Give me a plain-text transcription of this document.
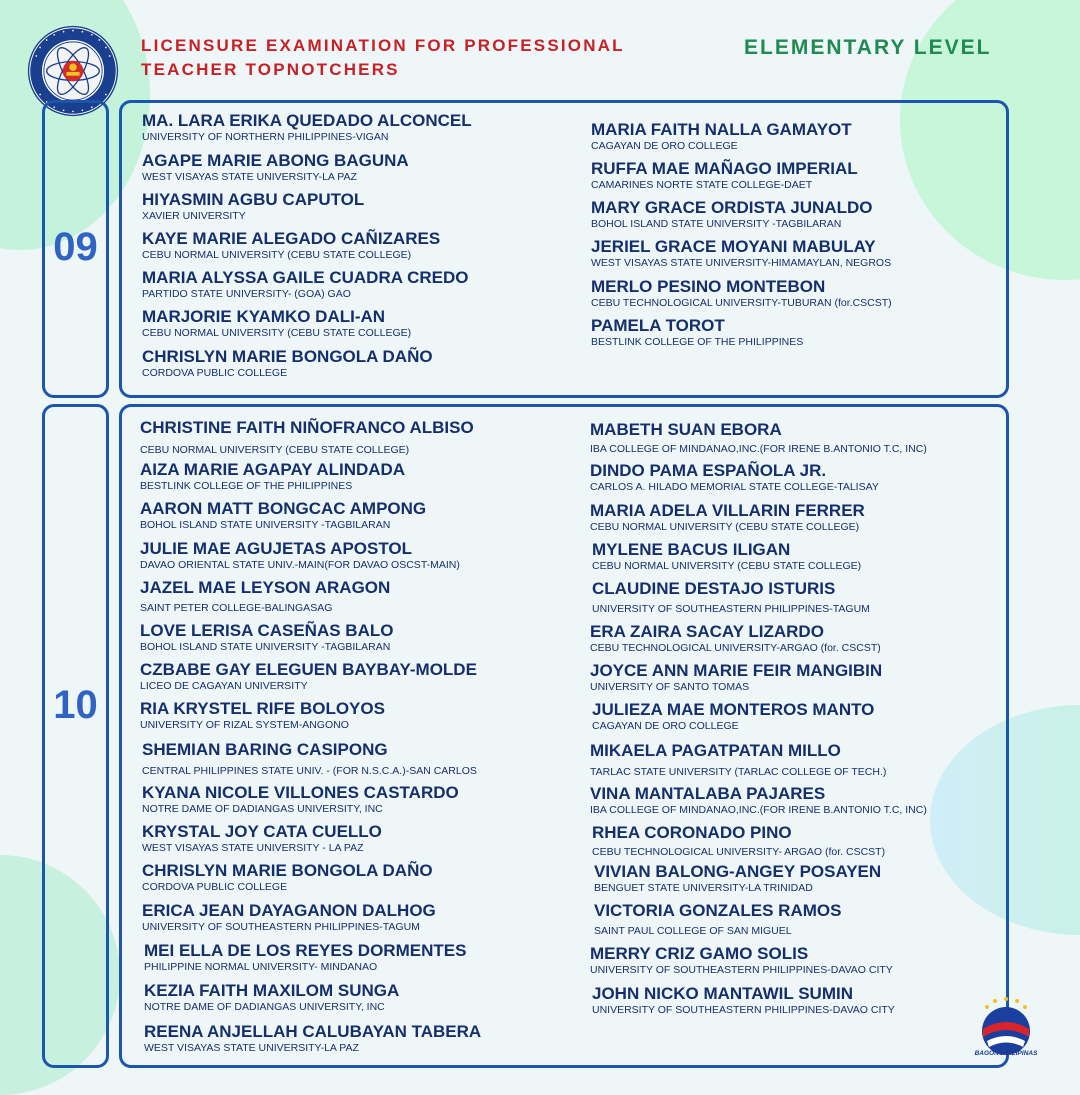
LICENSURE EXAMINATION FOR PROFESSIONAL TEACHER TOPNOTCHERS
ELEMENTARY LEVEL
09
MA. LARA ERIKA QUEDADO ALCONCEL
UNIVERSITY OF NORTHERN PHILIPPINES-VIGAN
AGAPE MARIE ABONG BAGUNA
WEST VISAYAS STATE UNIVERSITY-LA PAZ
HIYASMIN AGBU CAPUTOL
XAVIER UNIVERSITY
KAYE MARIE ALEGADO CAÑIZARES
CEBU NORMAL UNIVERSITY (CEBU STATE COLLEGE)
MARIA ALYSSA GAILE CUADRA CREDO
PARTIDO STATE UNIVERSITY- (GOA) GAO
MARJORIE KYAMKO DALI-AN
CEBU NORMAL UNIVERSITY (CEBU STATE COLLEGE)
CHRISLYN MARIE BONGOLA DAÑO
CORDOVA PUBLIC COLLEGE
MARIA FAITH NALLA GAMAYOT
CAGAYAN DE ORO COLLEGE
RUFFA MAE MAÑAGO IMPERIAL
CAMARINES NORTE STATE COLLEGE-DAET
MARY GRACE ORDISTA JUNALDO
BOHOL ISLAND STATE UNIVERSITY -TAGBILARAN
JERIEL GRACE MOYANI MABULAY
WEST VISAYAS STATE UNIVERSITY-HIMAMAYLAN, NEGROS
MERLO PESINO MONTEBON
CEBU TECHNOLOGICAL UNIVERSITY-TUBURAN (for.CSCST)
PAMELA TOROT
BESTLINK COLLEGE OF THE PHILIPPINES
10
CHRISTINE FAITH NIÑOFRANCO ALBISO
CEBU NORMAL UNIVERSITY (CEBU STATE COLLEGE)
AIZA MARIE AGAPAY ALINDADA
BESTLINK COLLEGE OF THE PHILIPPINES
AARON MATT BONGCAC AMPONG
BOHOL ISLAND STATE UNIVERSITY -TAGBILARAN
JULIE MAE AGUJETAS APOSTOL
DAVAO ORIENTAL STATE UNIV.-MAIN(FOR DAVAO OSCST-MAIN)
JAZEL MAE LEYSON ARAGON
SAINT PETER COLLEGE-BALINGASAG
LOVE LERISA CASEÑAS BALO
BOHOL ISLAND STATE UNIVERSITY -TAGBILARAN
CZBABE GAY ELEGUEN BAYBAY-MOLDE
LICEO DE CAGAYAN UNIVERSITY
RIA KRYSTEL RIFE BOLOYOS
UNIVERSITY OF RIZAL SYSTEM-ANGONO
SHEMIAN BARING CASIPONG
CENTRAL PHILIPPINES STATE UNIV. - (FOR N.S.C.A.)-SAN CARLOS
KYANA NICOLE VILLONES CASTARDO
NOTRE DAME OF DADIANGAS UNIVERSITY, INC
KRYSTAL JOY CATA CUELLO
WEST VISAYAS STATE UNIVERSITY - LA PAZ
CHRISLYN MARIE BONGOLA DAÑO
CORDOVA PUBLIC COLLEGE
ERICA JEAN DAYAGANON DALHOG
UNIVERSITY OF SOUTHEASTERN PHILIPPINES-TAGUM
MEI ELLA DE LOS REYES DORMENTES
PHILIPPINE NORMAL UNIVERSITY- MINDANAO
KEZIA FAITH MAXILOM SUNGA
NOTRE DAME OF DADIANGAS UNIVERSITY, INC
REENA ANJELLAH CALUBAYAN TABERA
WEST VISAYAS STATE UNIVERSITY-LA PAZ
MABETH SUAN EBORA
IBA COLLEGE OF MINDANAO,INC.(FOR IRENE B.ANTONIO T.C, INC)
DINDO PAMA ESPAÑOLA JR.
CARLOS A. HILADO MEMORIAL STATE COLLEGE-TALISAY
MARIA ADELA VILLARIN FERRER
CEBU NORMAL UNIVERSITY (CEBU STATE COLLEGE)
MYLENE BACUS ILIGAN
CEBU NORMAL UNIVERSITY (CEBU STATE COLLEGE)
CLAUDINE DESTAJO ISTURIS
UNIVERSITY OF SOUTHEASTERN PHILIPPINES-TAGUM
ERA ZAIRA SACAY LIZARDO
CEBU TECHNOLOGICAL UNIVERSITY-ARGAO (for. CSCST)
JOYCE ANN MARIE FEIR MANGIBIN
UNIVERSITY OF SANTO TOMAS
JULIEZA MAE MONTEROS MANTO
CAGAYAN DE ORO COLLEGE
MIKAELA PAGATPATAN MILLO
TARLAC STATE UNIVERSITY (TARLAC COLLEGE OF TECH.)
VINA MANTALABA PAJARES
IBA COLLEGE OF MINDANAO,INC.(FOR IRENE B.ANTONIO T.C, INC)
RHEA CORONADO PINO
CEBU TECHNOLOGICAL UNIVERSITY- ARGAO (for. CSCST)
VIVIAN BALONG-ANGEY POSAYEN
BENGUET STATE UNIVERSITY-LA TRINIDAD
VICTORIA GONZALES RAMOS
SAINT PAUL COLLEGE OF SAN MIGUEL
MERRY CRIZ GAMO SOLIS
UNIVERSITY OF SOUTHEASTERN PHILIPPINES-DAVAO CITY
JOHN NICKO MANTAWIL SUMIN
UNIVERSITY OF SOUTHEASTERN PHILIPPINES-DAVAO CITY
BAGONG PILIPINAS
